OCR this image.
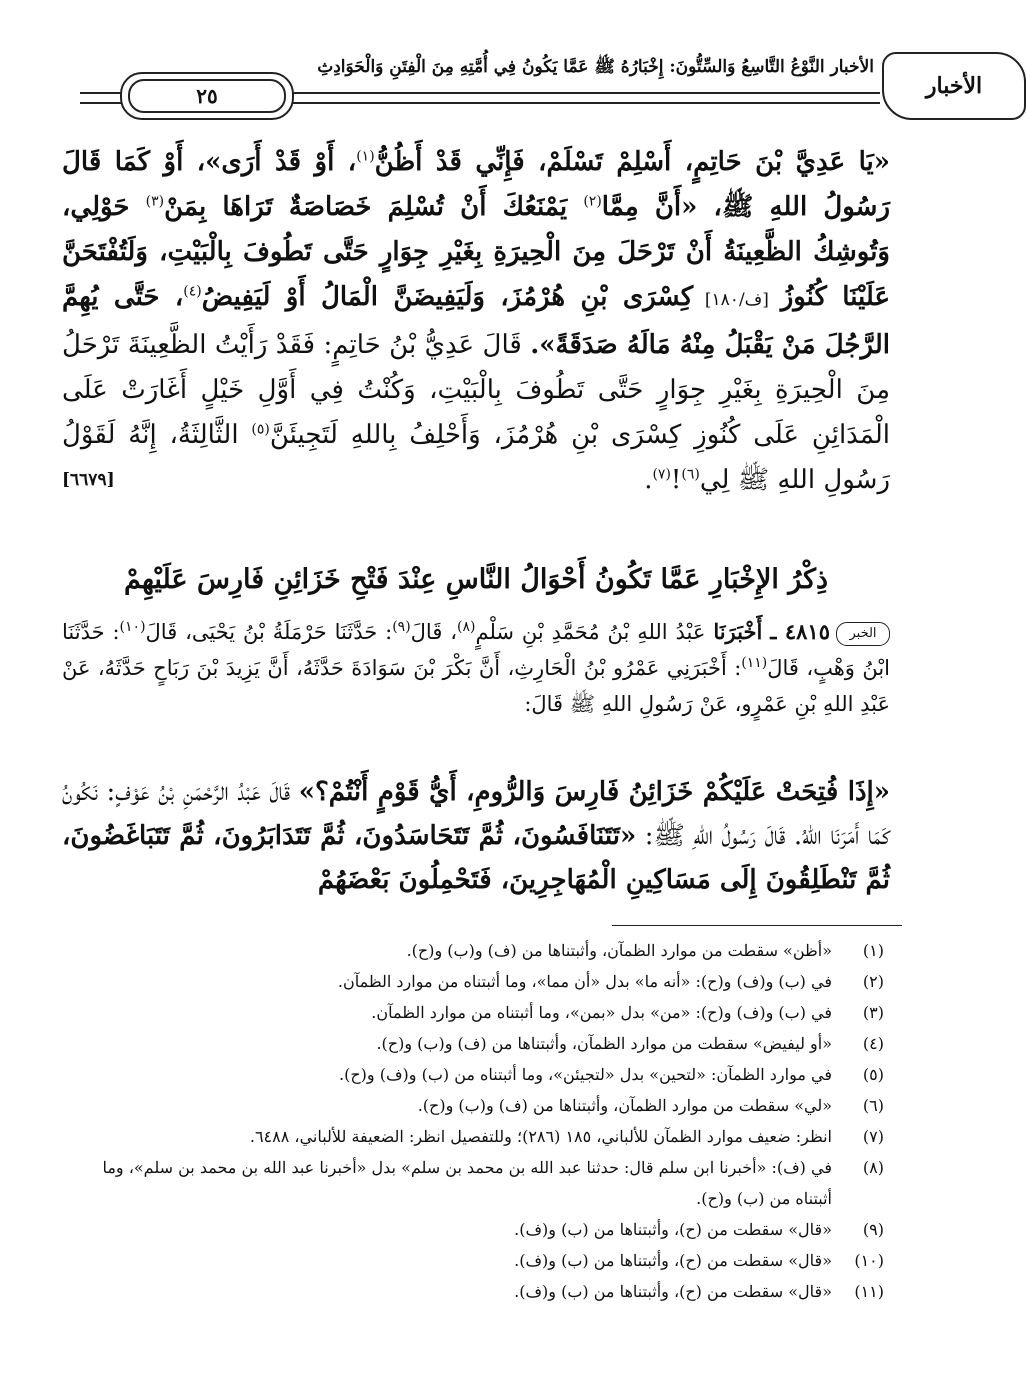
الأخبار النَّوْعُ التَّاسِعُ وَالسِّتُّونَ: إِخْبَارُهُ ﷺ عَمَّا يَكُونُ فِي أُمَّتِهِ مِنَ الْفِتَنِ وَالْحَوَادِثِ
الأخبار
٢٥

«يَا عَدِيَّ بْنَ حَاتِمٍ، أَسْلِمْ تَسْلَمْ، فَإِنِّي قَدْ أَظُنُّ$^{(١)}$، أَوْ قَدْ أَرَى»، أَوْ كَمَا قَالَ رَسُولُ اللهِ ﷺ، «أَنَّ مِمَّا$^{(٢)}$ يَمْنَعُكَ أَنْ تُسْلِمَ خَصَاصَةٌ تَرَاهَا بِمَنْ$^{(٣)}$ حَوْلِي، وَتُوشِكُ الظَّعِينَةُ أَنْ تَرْحَلَ مِنَ الْحِيرَةِ بِغَيْرِ جِوَارٍ حَتَّى تَطُوفَ بِالْبَيْتِ، وَلَتُفْتَحَنَّ عَلَيْنَا كُنُوزُ [ف/١٨٠] كِسْرَى بْنِ هُرْمُزَ، وَلَيَفِيضَنَّ الْمَالُ أَوْ لَيَفِيضُ$^{(٤)}$، حَتَّى يُهِمَّ الرَّجُلَ مَنْ يَقْبَلُ مِنْهُ مَالَهُ صَدَقَةً». قَالَ عَدِيُّ بْنُ حَاتِمٍ: فَقَدْ رَأَيْتُ الظَّعِينَةَ تَرْحَلُ مِنَ الْحِيرَةِ بِغَيْرِ جِوَارٍ حَتَّى تَطُوفَ بِالْبَيْتِ، وَكُنْتُ فِي أَوَّلِ خَيْلٍ أَغَارَتْ عَلَى الْمَدَائِنِ عَلَى كُنُوزِ كِسْرَى بْنِ هُرْمُزَ، وَأَحْلِفُ بِاللهِ لَتَجِيئَنَّ$^{(٥)}$ الثَّالِثَةُ، إِنَّهُ لَقَوْلُ رَسُولِ اللهِ ﷺ لِي$^{(٦)}$!$^{(٧)}$.
[٦٦٧٩]

ذِكْرُ الإِخْبَارِ عَمَّا تَكُونُ أَحْوَالُ النَّاسِ عِنْدَ فَتْحِ خَزَائِنِ فَارِسَ عَلَيْهِمْ

الخبر٤٨١٥ ـ أَخْبَرَنَا عَبْدُ اللهِ بْنُ مُحَمَّدِ بْنِ سَلْمٍ$^{(٨)}$، قَالَ$^{(٩)}$: حَدَّثَنَا حَرْمَلَةُ بْنُ يَحْيَى، قَالَ$^{(١٠)}$: حَدَّثَنَا ابْنُ وَهْبٍ، قَالَ$^{(١١)}$: أَخْبَرَنِي عَمْرُو بْنُ الْحَارِثِ، أَنَّ بَكْرَ بْنَ سَوَادَةَ حَدَّثَهُ، أَنَّ يَزِيدَ بْنَ رَبَاحٍ حَدَّثَهُ، عَنْ عَبْدِ اللهِ بْنِ عَمْرٍو، عَنْ رَسُولِ اللهِ ﷺ قَالَ:

«إِذَا فُتِحَتْ عَلَيْكُمْ خَزَائِنُ فَارِسَ وَالرُّومِ، أَيُّ قَوْمٍ أَنْتُمْ؟» قَالَ عَبْدُ الرَّحْمَنِ بْنُ عَوْفٍ: نَكُونُ كَمَا أَمَرَنَا اللهُ. قَالَ رَسُولُ اللهِ ﷺ: «تَتَنَافَسُونَ، ثُمَّ تَتَحَاسَدُونَ، ثُمَّ تَتَدَابَرُونَ، ثُمَّ تَتَبَاغَضُونَ، ثُمَّ تَنْطَلِقُونَ إِلَى مَسَاكِينِ الْمُهَاجِرِينَ، فَتَحْمِلُونَ بَعْضَهُمْ

(١)
«أظن» سقطت من موارد الظمآن، وأثبتناها من (ف) و(ب) و(ح).
(٢)
في (ب) و(ف) و(ح): «أنه ما» بدل «أن مما»، وما أثبتناه من موارد الظمآن.
(٣)
في (ب) و(ف) و(ح): «من» بدل «بمن»، وما أثبتناه من موارد الظمآن.
(٤)
«أو ليفيض» سقطت من موارد الظمآن، وأثبتناها من (ف) و(ب) و(ح).
(٥)
في موارد الظمآن: «لتحين» بدل «لتجيئن»، وما أثبتناه من (ب) و(ف) و(ح).
(٦)
«لي» سقطت من موارد الظمآن، وأثبتناها من (ف) و(ب) و(ح).
(٧)
انظر: ضعيف موارد الظمآن للألباني، ١٨٥ (٢٨٦)؛ وللتفصيل انظر: الضعيفة للألباني، ٦٤٨٨.
(٨)
في (ف): «أخبرنا ابن سلم قال: حدثنا عبد الله بن محمد بن سلم» بدل «أخبرنا عبد الله بن محمد بن سلم»، وما أثبتناه من (ب) و(ح).
(٩)
«قال» سقطت من (ح)، وأثبتناها من (ب) و(ف).
(١٠)
«قال» سقطت من (ح)، وأثبتناها من (ب) و(ف).
(١١)
«قال» سقطت من (ح)، وأثبتناها من (ب) و(ف).
